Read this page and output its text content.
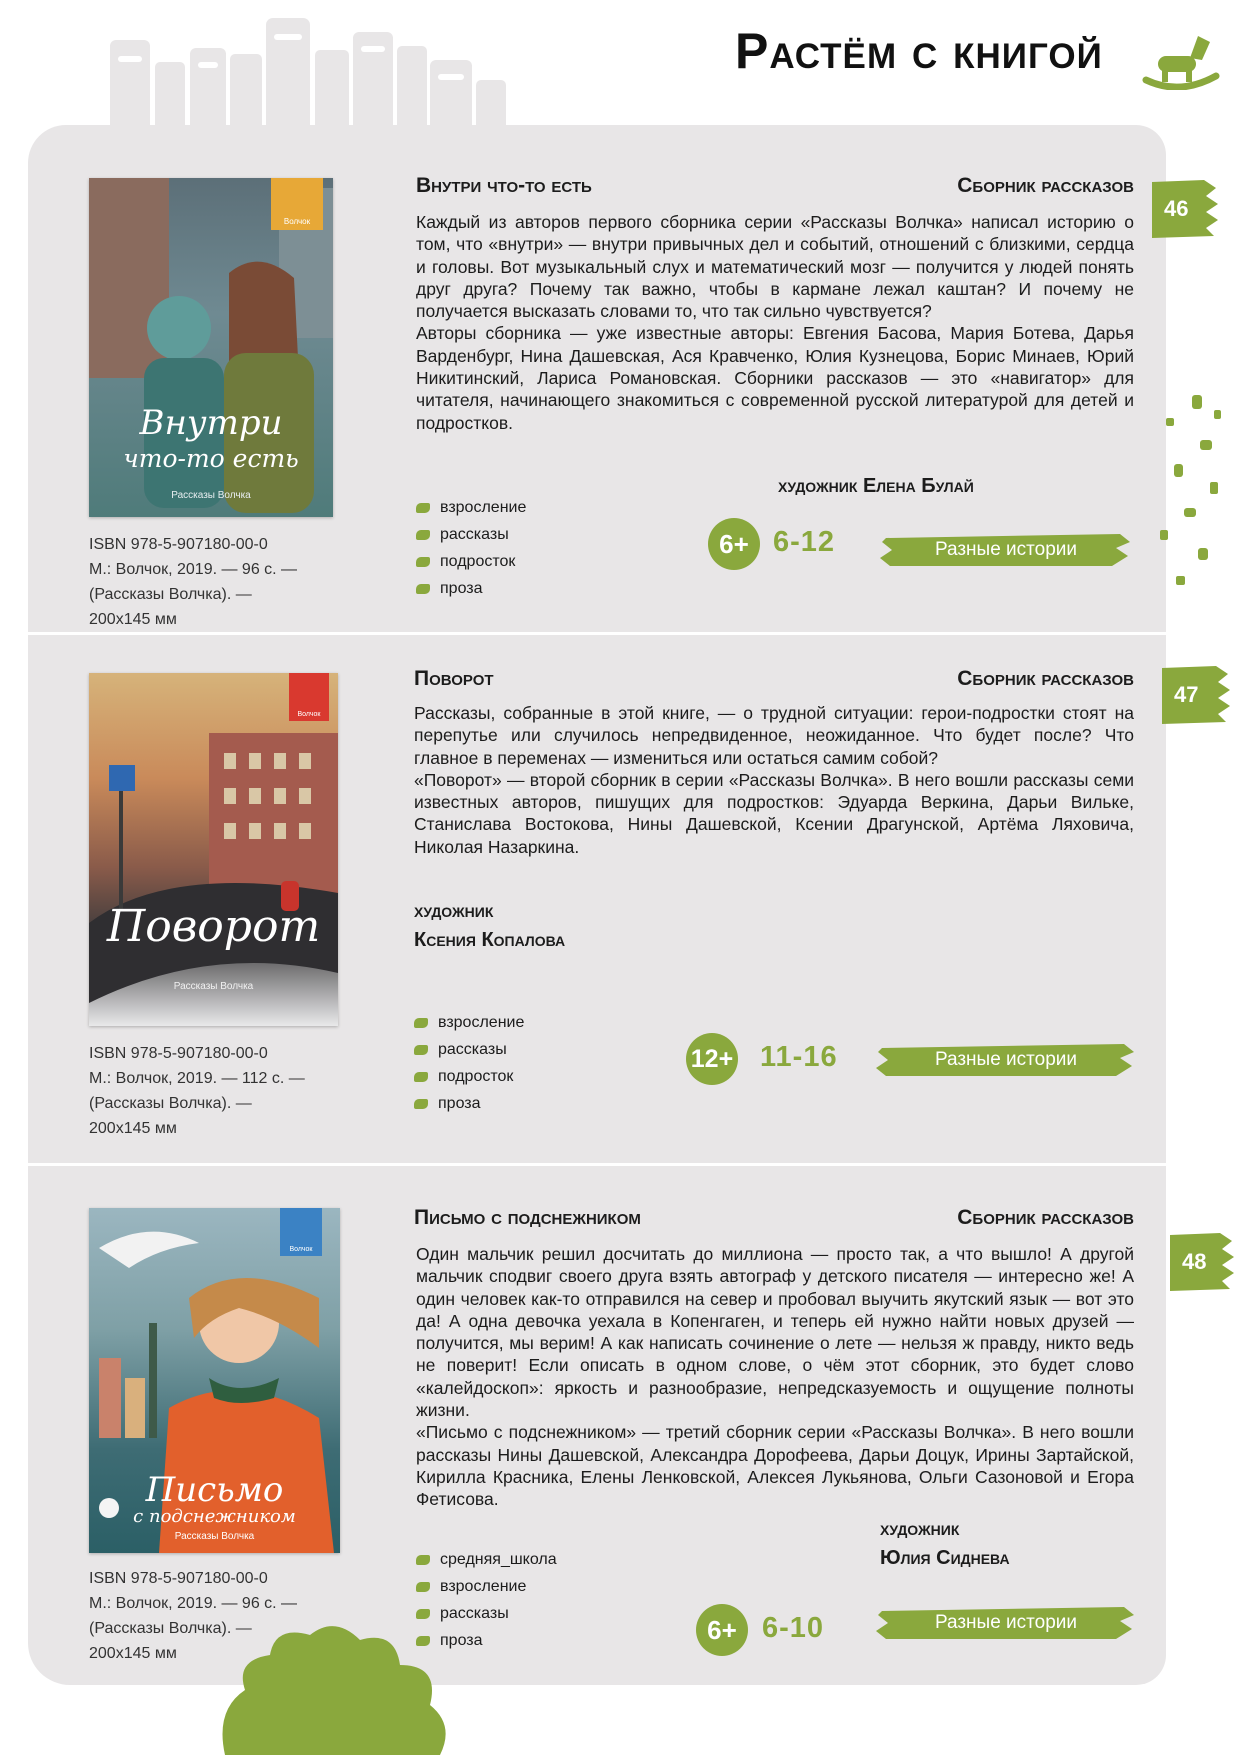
Растём с книгой
Волчок
Внутри
что-то есть
Рассказы Волчка
ISBN 978-5-907180-00-0
М.: Волчок, 2019. — 96 с. —
(Рассказы Волчка). —
200x145 мм
Внутри что-то есть	Сборник рассказов
Каждый из авторов первого сборника серии «Рассказы Волчка» написал историю о том, что «внутри» — внутри привычных дел и событий, отношений с близкими, сердца и головы. Вот музыкальный слух и математический мозг — получится у людей понять друг друга? Почему так важно, чтобы в кармане лежал каштан? И почему не получается высказать словами то, что так сильно чувствуется?
Авторы сборника — уже известные авторы: Евгения Басова, Мария Ботева, Дарья Варденбург, Нина Дашевская, Ася Кравченко, Юлия Кузнецова, Борис Минаев, Юрий Никитинский, Лариса Романовская. Сборники рассказов — это «навигатор» для читателя, начинающего знакомиться с современной русской литературой для детей и подростков.
художник Елена Булай
взросление
рассказы
подросток
проза
6+ 6-12	Разные истории
46
Волчок
Поворот
Рассказы Волчка
ISBN 978-5-907180-00-0
М.: Волчок, 2019. — 112 с. —
(Рассказы Волчка). —
200x145 мм
Поворот	Сборник рассказов
Рассказы, собранные в этой книге, — о трудной ситуации: герои-подростки стоят на перепутье или случилось непредвиденное, неожиданное. Что будет после? Что главное в переменах — измениться или остаться самим собой?
«Поворот» — второй сборник в серии «Рассказы Волчка». В него вошли рассказы семи известных авторов, пишущих для подростков: Эдуарда Веркина, Дарьи Вильке, Станислава Востокова, Нины Дашевской, Ксении Драгунской, Артёма Ляховича, Николая Назаркина.
художник
Ксения Копалова
взросление
рассказы
подросток
проза
12+ 11-16	Разные истории
47
Волчок
Письмо
с подснежником
Рассказы Волчка
ISBN 978-5-907180-00-0
М.: Волчок, 2019. — 96 с. —
(Рассказы Волчка). —
200x145 мм
Письмо с подснежником	Сборник рассказов
Один мальчик решил досчитать до миллиона — просто так, а что вышло! А другой мальчик сподвиг своего друга взять автограф у детского писателя — интересно же! А один человек как-то отправился на север и пробовал выучить якутский язык — вот это да! А одна девочка уехала в Копенгаген, и теперь ей нужно найти новых друзей — получится, мы верим! А как написать сочинение о лете — нельзя ж правду, никто ведь не поверит! Если описать в одном слове, о чём этот сборник, это будет слово «калейдоскоп»: яркость и разнообразие, непредсказуемость и ощущение полноты жизни.
«Письмо с подснежником» — третий сборник серии «Рассказы Волчка». В него вошли рассказы Нины Дашевской, Александра Дорофеева, Дарьи Доцук, Ирины Зартайской, Кирилла Красника, Елены Ленковской, Алексея Лукьянова, Ольги Сазоновой и Егора Фетисова.
художник
Юлия Сиднева
средняя_школа
взросление
рассказы
проза	6+ 6-10	Разные истории
48
